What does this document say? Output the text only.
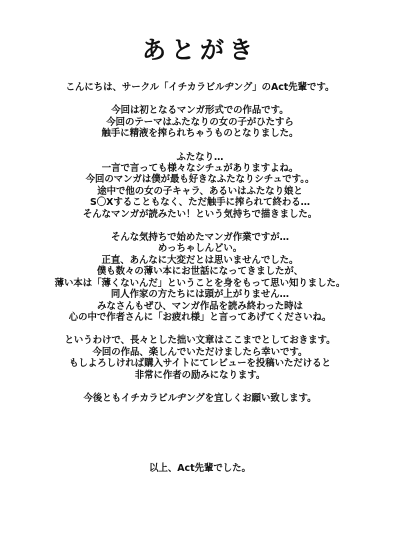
あとがき
こんにちは、サークル「イチカラビルヂング」のAct先輩です。
今回は初となるマンガ形式での作品です。
今回のテーマはふたなりの女の子がひたすら
触手に精液を搾られちゃうものとなりました。
ふたなり…
一言で言っても様々なシチュがありますよね。
今回のマンガは僕が最も好きなふたなりシチュです。。
途中で他の女の子キャラ、あるいはふたなり娘と
S〇Xすることもなく、ただ触手に搾られて終わる…
そんなマンガが読みたい！という気持ちで描きました。
そんな気持ちで始めたマンガ作業ですが…
めっちゃしんどい。
正直、あんなに大変だとは思いませんでした。
僕も数々の薄い本にお世話になってきましたが、
薄い本は「薄くないんだ」ということを身をもって思い知りました。
同人作家の方たちには頭が上がりません…
みなさんもぜひ、マンガ作品を読み終わった時は
心の中で作者さんに「お疲れ様」と言ってあげてくださいね。
というわけで、長々とした拙い文章はここまでとしておきます。
今回の作品、楽しんでいただけましたら幸いです。
もしよろしければ購入サイトにてレビューを投稿いただけると
非常に作者の励みになります。
今後ともイチカラビルヂングを宜しくお願い致します。
以上、Act先輩でした。
